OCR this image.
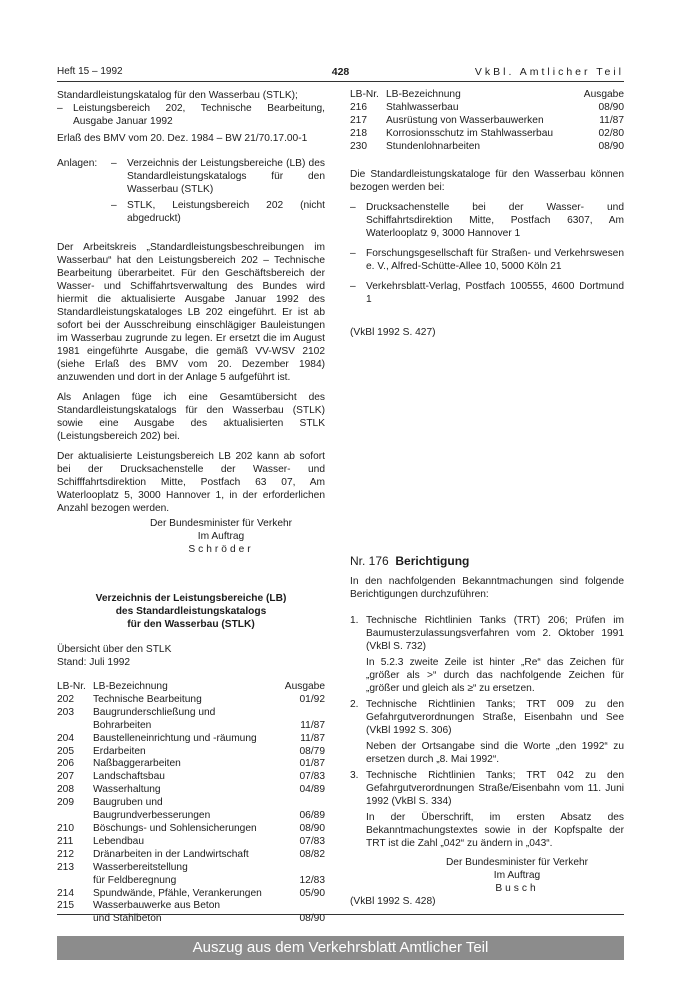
Heft 15 – 1992	428	VkBl. Amtlicher Teil

Standardleistungskatalog für den Wasserbau (STLK);

– Leistungsbereich 202, Technische Bearbeitung, Ausgabe Januar 1992

Erlaß des BMV vom 20. Dez. 1984 – BW 21/70.17.00-1

Anlagen: – Verzeichnis der Leistungsbereiche (LB) des Standardleistungskatalogs für den Wasserbau (STLK)
– STLK, Leistungsbereich 202 (nicht abgedruckt)

Der Arbeitskreis „Standardleistungsbeschreibungen im Wasserbau“ hat den Leistungsbereich 202 – Technische Bearbeitung überarbeitet. Für den Geschäftsbereich der Wasser- und Schiffahrtsverwaltung des Bundes wird hiermit die aktualisierte Ausgabe Januar 1992 des Standardleistungskataloges LB 202 eingeführt. Er ist ab sofort bei der Ausschreibung einschlägiger Bauleistungen im Wasserbau zugrunde zu legen. Er ersetzt die im August 1981 eingeführte Ausgabe, die gemäß VV-WSV 2102 (siehe Erlaß des BMV vom 20. Dezember 1984) anzuwenden und dort in der Anlage 5 aufgeführt ist.

Als Anlagen füge ich eine Gesamtübersicht des Standardleistungskatalogs für den Wasserbau (STLK) sowie eine Ausgabe des aktualisierten STLK (Leistungsbereich 202) bei.

Der aktualisierte Leistungsbereich LB 202 kann ab sofort bei der Drucksachenstelle der Wasser- und Schifffahrtsdirektion Mitte, Postfach 63 07, Am Waterlooplatz 5, 3000 Hannover 1, in der erforderlichen Anzahl bezogen werden.

Der Bundesminister für Verkehr

Im Auftrag

Schröder

Verzeichnis der Leistungsbereiche (LB)

des Standardleistungskatalogs

für den Wasserbau (STLK)

Übersicht über den STLK

Stand: Juli 1992

LB-Nr.	LB-Bezeichnung	Ausgabe
202	Technische Bearbeitung	01/92
203	Baugrunderschließung und	
	Bohrarbeiten	11/87
204	Baustelleneinrichtung und -räumung	11/87
205	Erdarbeiten	08/79
206	Naßbaggerarbeiten	01/87
207	Landschaftsbau	07/83
208	Wasserhaltung	04/89
209	Baugruben und	
	Baugrundverbesserungen	06/89
210	Böschungs- und Sohlensicherungen	08/90
211	Lebendbau	07/83
212	Dränarbeiten in der Landwirtschaft	08/82
213	Wasserbereitstellung	
	für Feldberegnung	12/83
214	Spundwände, Pfähle, Verankerungen	05/90
215	Wasserbauwerke aus Beton	
	und Stahlbeton	08/90
LB-Nr.	LB-Bezeichnung	Ausgabe
216	Stahlwasserbau	08/90
217	Ausrüstung von Wasserbauwerken	11/87
218	Korrosionsschutz im Stahlwasserbau	02/80
230	Stundenlohnarbeiten	08/90

Die Standardleistungskataloge für den Wasserbau können bezogen werden bei:

– Drucksachenstelle bei der Wasser- und Schiffahrtsdirektion Mitte, Postfach 6307, Am Waterlooplatz 9, 3000 Hannover 1
– Forschungsgesellschaft für Straßen- und Verkehrswesen e. V., Alfred-Schütte-Allee 10, 5000 Köln 21
– Verkehrsblatt-Verlag, Postfach 100555, 4600 Dortmund 1

(VkBl 1992 S. 427)

Nr. 176 Berichtigung

In den nachfolgenden Bekanntmachungen sind folgende Berichtigungen durchzuführen:

1. Technische Richtlinien Tanks (TRT) 206; Prüfen im Baumusterzulassungsverfahren vom 2. Oktober 1991 (VkBl S. 732)

In 5.2.3 zweite Zeile ist hinter „Re“ das Zeichen für „größer als >“ durch das nachfolgende Zeichen für „größer und gleich als ≥“ zu ersetzen.

2. Technische Richtlinien Tanks; TRT 009 zu den Gefahrgutverordnungen Straße, Eisenbahn und See (VkBl 1992 S. 306)

Neben der Ortsangabe sind die Worte „den 1992“ zu ersetzen durch „8. Mai 1992“.

3. Technische Richtlinien Tanks; TRT 042 zu den Gefahrgutverordnungen Straße/Eisenbahn vom 11. Juni 1992 (VkBl S. 334)

In der Überschrift, im ersten Absatz des Bekanntmachungstextes sowie in der Kopfspalte der TRT ist die Zahl „042“ zu ändern in „043“.

Der Bundesminister für Verkehr

Im Auftrag

Busch

(VkBl 1992 S. 428)

Auszug aus dem Verkehrsblatt Amtlicher Teil
